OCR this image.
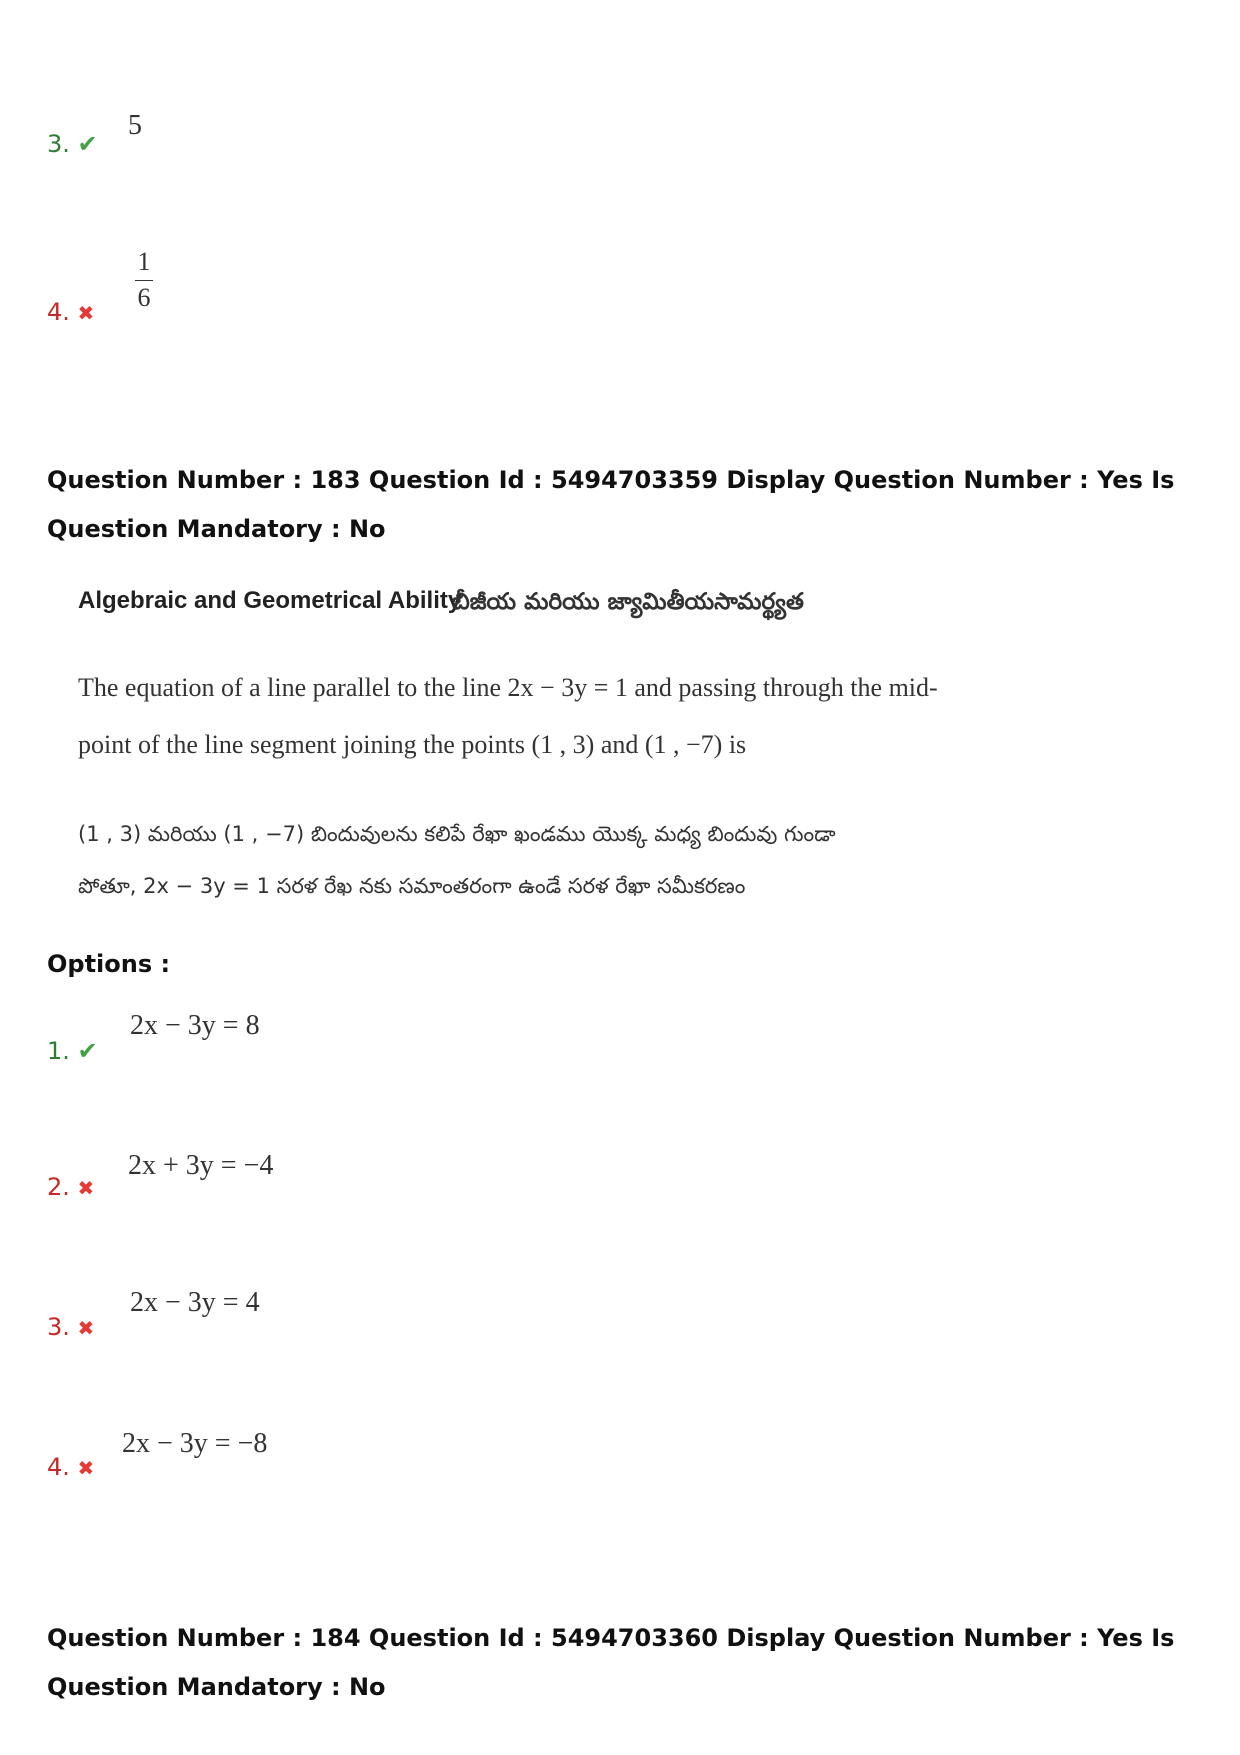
3. ✔
5
4. ✖
1
6
Question Number : 183 Question Id : 5494703359 Display Question Number : Yes Is Question Mandatory : No
Algebraic and Geometrical Ability
బీజీయ మరియు జ్యామితీయసామర్థ్యత
The equation of a line parallel to the line 2x − 3y = 1 and passing through the mid-
point of the line segment joining the points (1 , 3) and (1 , −7) is
(1 , 3) మరియు (1 , −7) బిందువులను కలిపే రేఖా ఖండము యొక్క మధ్య బిందువు గుండా
పోతూ, 2x − 3y = 1 సరళ రేఖ నకు సమాంతరంగా ఉండే సరళ రేఖా సమీకరణం
Options :
1. ✔
2x − 3y = 8
2. ✖
2x + 3y = −4
3. ✖
2x − 3y = 4
4. ✖
2x − 3y = −8
Question Number : 184 Question Id : 5494703360 Display Question Number : Yes Is Question Mandatory : No
